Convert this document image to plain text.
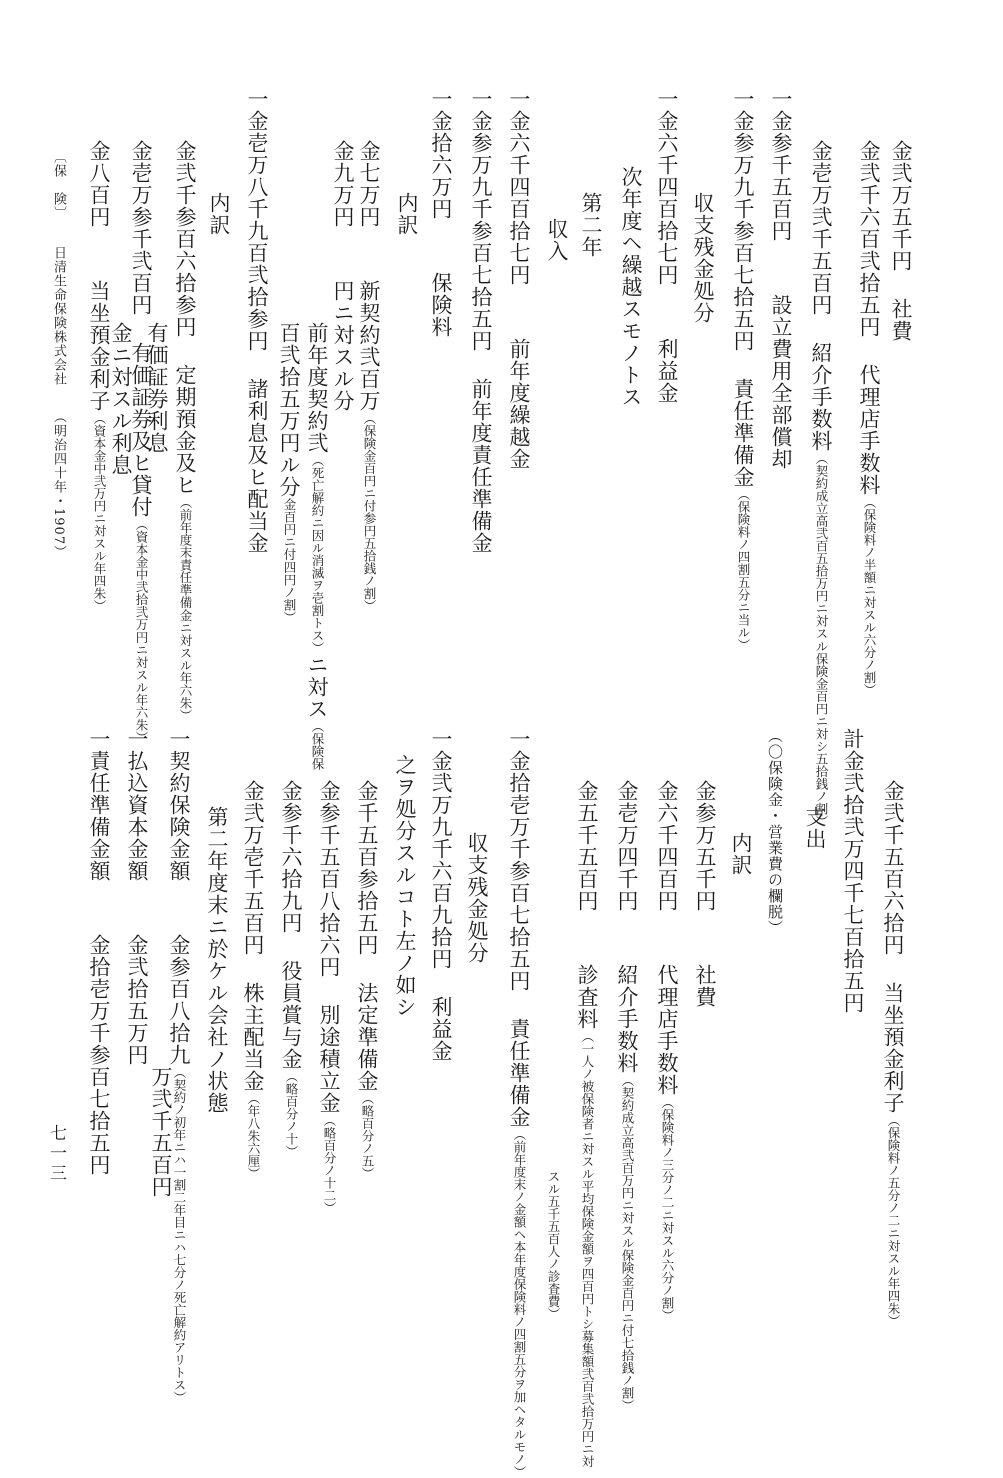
金弐万五千円社費
金弐千六百弐拾五円代理店手数料（保険料ノ半額ニ対スル六分ノ割）
金壱万弐千五百円紹介手数料（契約成立高弐百五拾万円ニ対スル保険金百円ニ対シ五拾銭ノ割）
一金参千五百円設立費用全部償却
一金参万九千参百七拾五円責任準備金（保険料ノ四割五分ニ当ル）
収支残金処分
一金六千四百拾七円利益金
次年度ヘ繰越スモノトス
第二年
収入
一金六千四百拾七円前年度繰越金
一金参万九千参百七拾五円前年度責任準備金
一金拾六万円保険料
内訳
金七万円新契約弐百万（保険金百円ニ付参円五拾銭ノ割）
金九万円円ニ対スル分
前年度契約弐（死亡解約ニ因ル消滅ヲ壱割トス）ニ対ス（保険保
百弐拾五万円ル分金百円ニ付四円ノ割）
一金壱万八千九百弐拾参円諸利息及ヒ配当金
内訳
金弐千参百六拾参円定期預金及ヒ（前年度末責任準備金ニ対スル年六朱）
有価証券利息
金壱万参千弐百円有価証券及ヒ貸付（資本金中弐拾弐万円ニ対スル年六朱）
金ニ対スル利息
金八百円当坐預金利子（資本金中弐万円ニ対スル年四朱）
金弐千五百六拾円当坐預金利子（保険料ノ五分ノ二ニ対スル年四朱）
計金弐拾弐万四千七百拾五円
支出
（〇保険金・営業費の欄脱）
内訳
金参万五千円社費
金六千四百円代理店手数料（保険料ノ三分ノ二ニ対スル六分ノ割）
金壱万四千円紹介手数料（契約成立高弐百万円ニ対スル保険金百円ニ付七拾銭ノ割）
金五千五百円診査料（一人ノ被保険者ニ対スル平均保険金額ヲ四百円トシ募集額弐百弐拾万円ニ対
スル五千五百人ノ診査費）
一金拾壱万千参百七拾五円責任準備金（前年度末ノ金額ヘ本年度保険料ノ四割五分ヲ加ヘタルモノ）
収支残金処分
一金弐万九千六百九拾円利益金
之ヲ処分スルコト左ノ如シ
金千五百参拾五円法定準備金（略百分ノ五）
金参千五百八拾六円別途積立金（略百分ノ十二）
金参千六拾九円役員賞与金（略百分ノ十）
金弐万壱千五百円株主配当金（年八朱六厘）
第二年度末ニ於ケル会社ノ状態
一契約保険金額金参百八拾九（契約ノ初年ニハ一割二年目ニハ七分ノ死亡解約アリトス）
万弐千五百円
一払込資本金額金弐拾五万円
一責任準備金額金拾壱万千参百七拾五円
〔保　険〕
日清生命保険株式会社
（明治四十年・1907）
七一三
